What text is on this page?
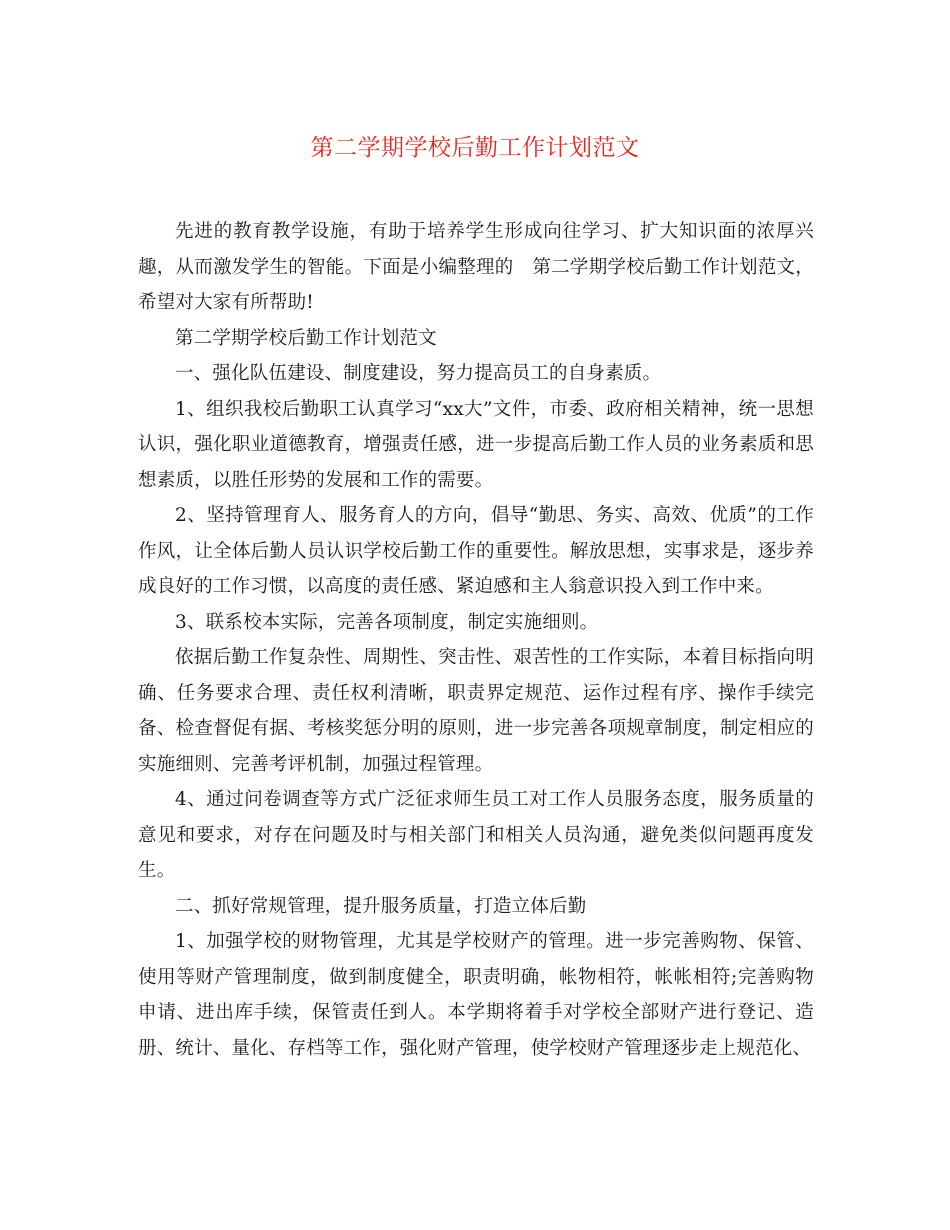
第二学期学校后勤工作计划范文

先进的教育教学设施，有助于培养学生形成向往学习、扩大知识面的浓厚兴趣，从而激发学生的智能。下面是小编整理的　第二学期学校后勤工作计划范文，希望对大家有所帮助!

第二学期学校后勤工作计划范文

一、强化队伍建设、制度建设，努力提高员工的自身素质。

1、组织我校后勤职工认真学习“xx大”文件，市委、政府相关精神，统一思想认识，强化职业道德教育，增强责任感，进一步提高后勤工作人员的业务素质和思想素质，以胜任形势的发展和工作的需要。

2、坚持管理育人、服务育人的方向，倡导“勤思、务实、高效、优质”的工作作风，让全体后勤人员认识学校后勤工作的重要性。解放思想，实事求是，逐步养成良好的工作习惯，以高度的责任感、紧迫感和主人翁意识投入到工作中来。

3、联系校本实际，完善各项制度，制定实施细则。

依据后勤工作复杂性、周期性、突击性、艰苦性的工作实际，本着目标指向明确、任务要求合理、责任权利清晰，职责界定规范、运作过程有序、操作手续完备、检查督促有据、考核奖惩分明的原则，进一步完善各项规章制度，制定相应的实施细则、完善考评机制，加强过程管理。

4、通过问卷调查等方式广泛征求师生员工对工作人员服务态度，服务质量的意见和要求，对存在问题及时与相关部门和相关人员沟通，避免类似问题再度发生。

二、抓好常规管理，提升服务质量，打造立体后勤

1、加强学校的财物管理，尤其是学校财产的管理。进一步完善购物、保管、使用等财产管理制度，做到制度健全，职责明确，帐物相符，帐帐相符;完善购物申请、进出库手续，保管责任到人。本学期将着手对学校全部财产进行登记、造册、统计、量化、存档等工作，强化财产管理，使学校财产管理逐步走上规范化、
